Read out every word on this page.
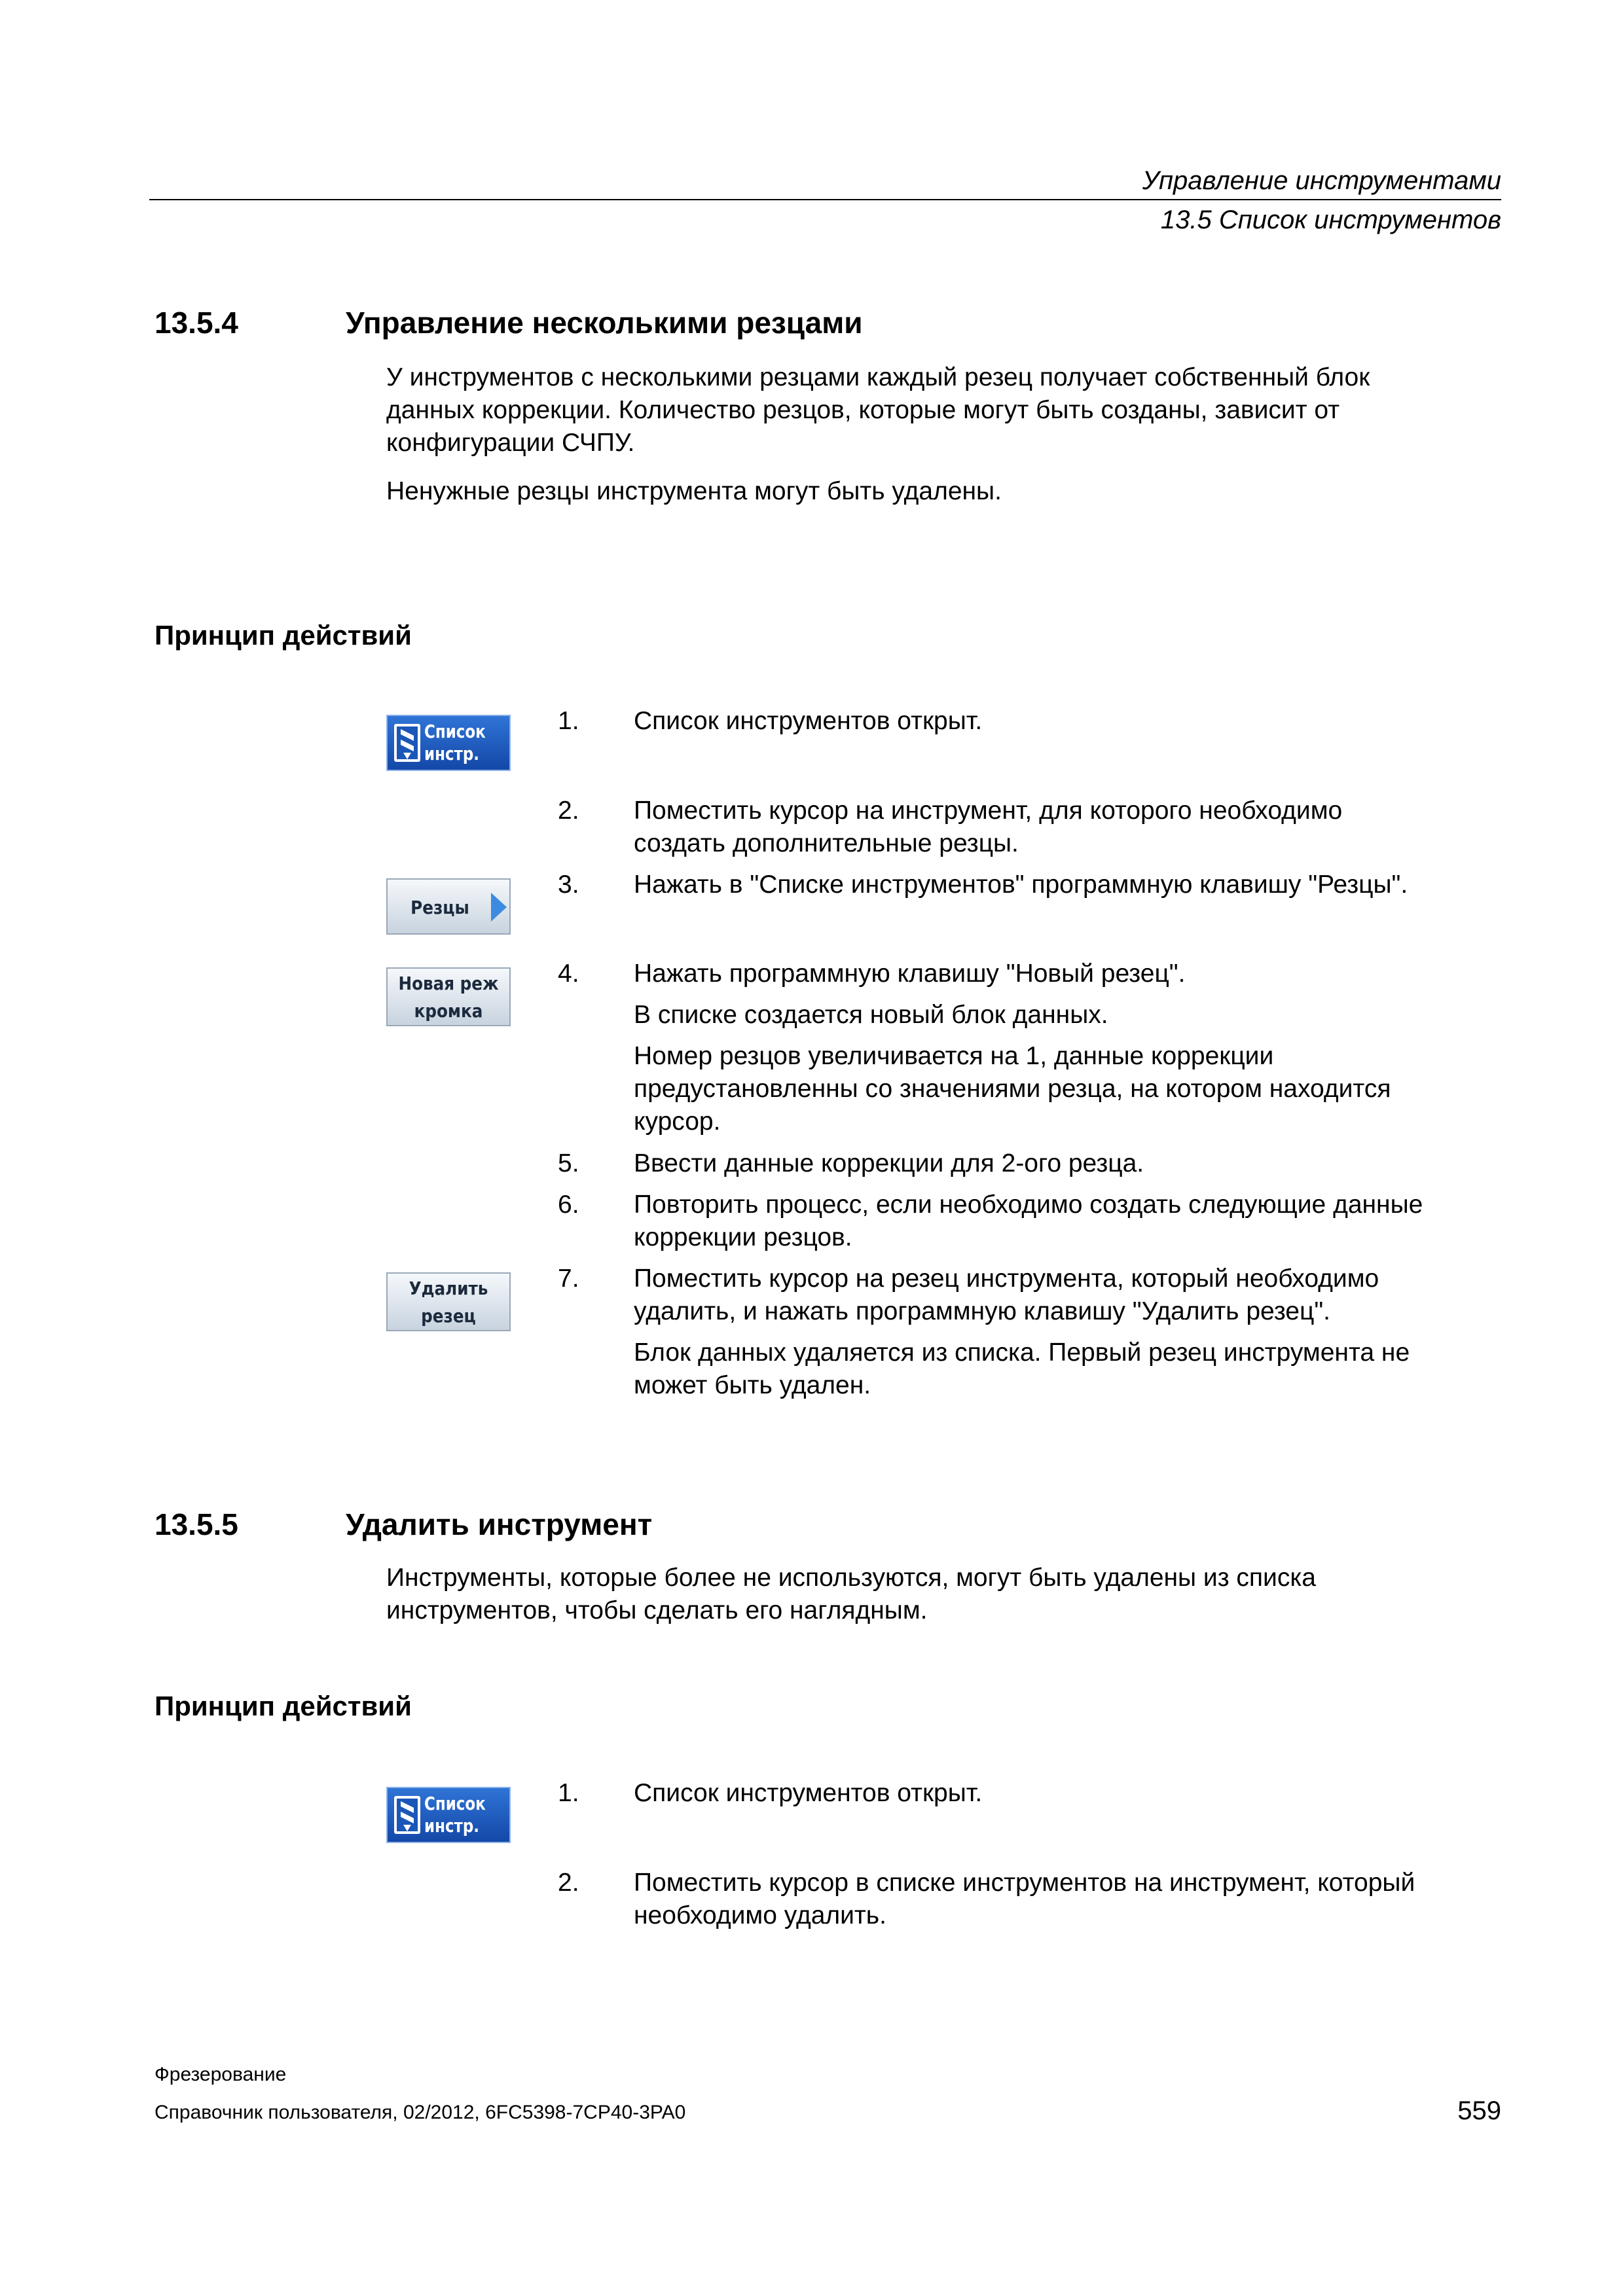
Управление инструментами
13.5 Список инструментов
13.5.4	Управление несколькими резцами
У инструментов с несколькими резцами каждый резец получает собственный блок
данных коррекции. Количество резцов, которые могут быть созданы, зависит от
конфигурации СЧПУ.
Ненужные резцы инструмента могут быть удалены.
Принцип действий
Список
инстр.
1. Список инструментов открыт.
2. Поместить курсор на инструмент, для которого необходимо
создать дополнительные резцы.
Резцы
3. Нажать в "Списке инструментов" программную клавишу "Резцы".
Новая реж
кромка
4. Нажать программную клавишу "Новый резец".
В списке создается новый блок данных.
Номер резцов увеличивается на 1, данные коррекции
предустановленны со значениями резца, на котором находится
курсор.
5. Ввести данные коррекции для 2-ого резца.
6. Повторить процесс, если необходимо создать следующие данные
коррекции резцов.
Удалить
резец
7. Поместить курсор на резец инструмента, который необходимо
удалить, и нажать программную клавишу "Удалить резец".
Блок данных удаляется из списка. Первый резец инструмента не
может быть удален.
13.5.5	Удалить инструмент
Инструменты, которые более не используются, могут быть удалены из списка
инструментов, чтобы сделать его наглядным.
Принцип действий
Список
инстр.
1. Список инструментов открыт.
2. Поместить курсор в списке инструментов на инструмент, который
необходимо удалить.
Фрезерование
Справочник пользователя, 02/2012, 6FC5398-7CP40-3PA0	559
